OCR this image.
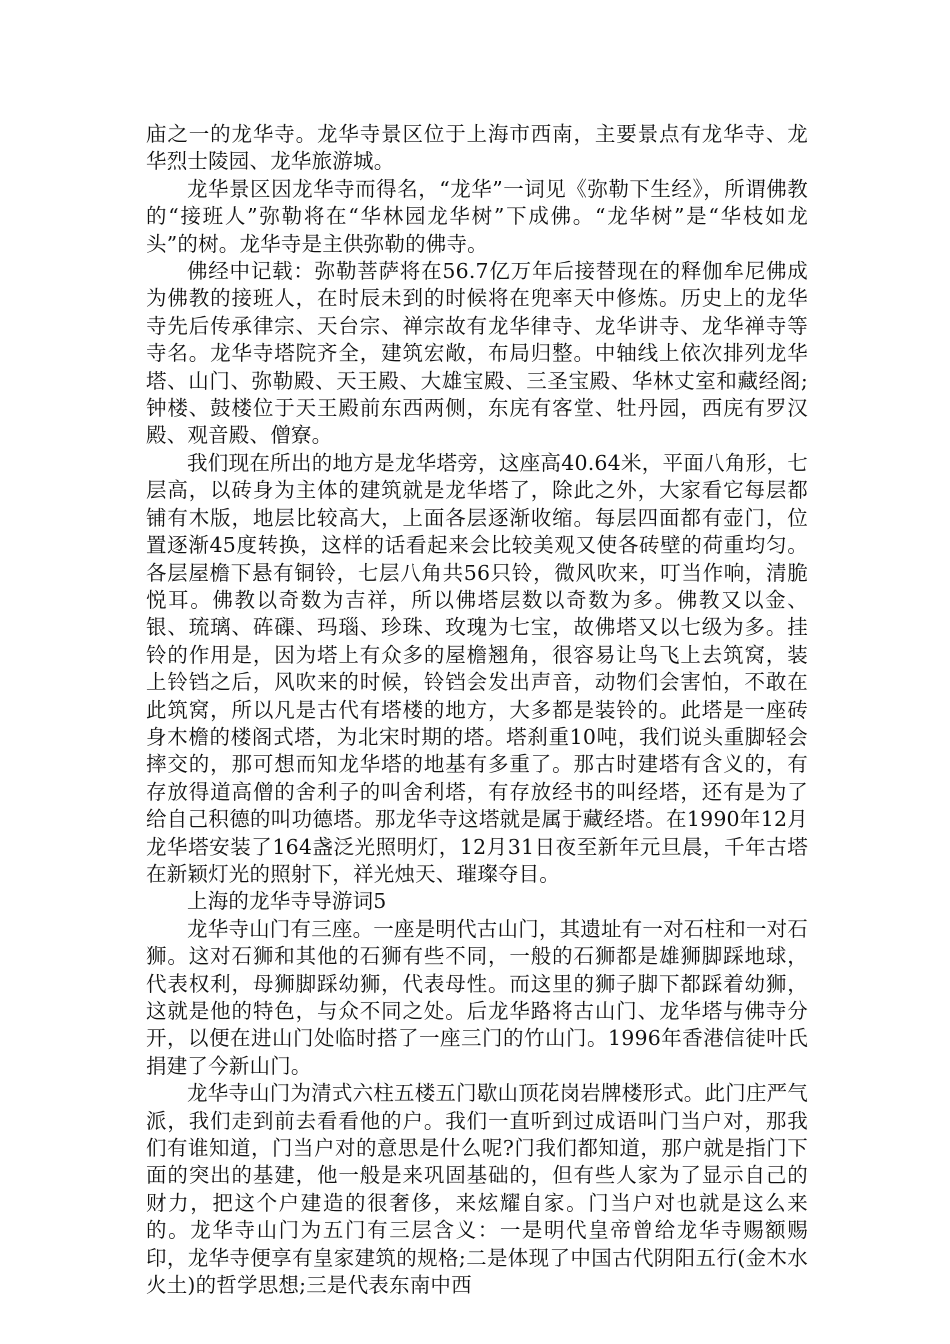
庙之一的龙华寺。龙华寺景区位于上海市西南，主要景点有龙华寺、龙华烈士陵园、龙华旅游城。

龙华景区因龙华寺而得名，“龙华”一词见《弥勒下生经》，所谓佛教的“接班人”弥勒将在“华林园龙华树”下成佛。“龙华树”是“华枝如龙头”的树。龙华寺是主供弥勒的佛寺。

佛经中记载：弥勒菩萨将在56.7亿万年后接替现在的释伽牟尼佛成为佛教的接班人，在时辰未到的时候将在兜率天中修炼。历史上的龙华寺先后传承律宗、天台宗、禅宗故有龙华律寺、龙华讲寺、龙华禅寺等寺名。龙华寺塔院齐全，建筑宏敞，布局归整。中轴线上依次排列龙华塔、山门、弥勒殿、天王殿、大雄宝殿、三圣宝殿、华林丈室和藏经阁;钟楼、鼓楼位于天王殿前东西两侧，东庑有客堂、牡丹园，西庑有罗汉殿、观音殿、僧寮。

我们现在所出的地方是龙华塔旁，这座高40.64米，平面八角形，七层高，以砖身为主体的建筑就是龙华塔了，除此之外，大家看它每层都铺有木版，地层比较高大，上面各层逐渐收缩。每层四面都有壶门，位置逐渐45度转换，这样的话看起来会比较美观又使各砖壁的荷重均匀。各层屋檐下悬有铜铃，七层八角共56只铃，微风吹来，叮当作响，清脆悦耳。佛教以奇数为吉祥，所以佛塔层数以奇数为多。佛教又以金、银、琉璃、砗磲、玛瑙、珍珠、玫瑰为七宝，故佛塔又以七级为多。挂铃的作用是，因为塔上有众多的屋檐翘角，很容易让鸟飞上去筑窝，装上铃铛之后，风吹来的时候，铃铛会发出声音，动物们会害怕，不敢在此筑窝，所以凡是古代有塔楼的地方，大多都是装铃的。此塔是一座砖身木檐的楼阁式塔，为北宋时期的塔。塔刹重10吨，我们说头重脚轻会摔交的，那可想而知龙华塔的地基有多重了。那古时建塔有含义的，有存放得道高僧的舍利子的叫舍利塔，有存放经书的叫经塔，还有是为了给自己积德的叫功德塔。那龙华寺这塔就是属于藏经塔。在1990年12月龙华塔安装了164盏泛光照明灯，12月31日夜至新年元旦晨，千年古塔在新颖灯光的照射下，祥光烛天、璀璨夺目。

上海的龙华寺导游词5

龙华寺山门有三座。一座是明代古山门，其遗址有一对石柱和一对石狮。这对石狮和其他的石狮有些不同，一般的石狮都是雄狮脚踩地球，代表权利，母狮脚踩幼狮，代表母性。而这里的狮子脚下都踩着幼狮，这就是他的特色，与众不同之处。后龙华路将古山门、龙华塔与佛寺分开，以便在进山门处临时搭了一座三门的竹山门。1996年香港信徒叶氏捐建了今新山门。

龙华寺山门为清式六柱五楼五门歇山顶花岗岩牌楼形式。此门庄严气派，我们走到前去看看他的户。我们一直听到过成语叫门当户对，那我们有谁知道，门当户对的意思是什么呢?门我们都知道，那户就是指门下面的突出的基建，他一般是来巩固基础的，但有些人家为了显示自己的财力，把这个户建造的很奢侈，来炫耀自家。门当户对也就是这么来的。龙华寺山门为五门有三层含义：一是明代皇帝曾给龙华寺赐额赐印，龙华寺便享有皇家建筑的规格;二是体现了中国古代阴阳五行(金木水火土)的哲学思想;三是代表东南中西
